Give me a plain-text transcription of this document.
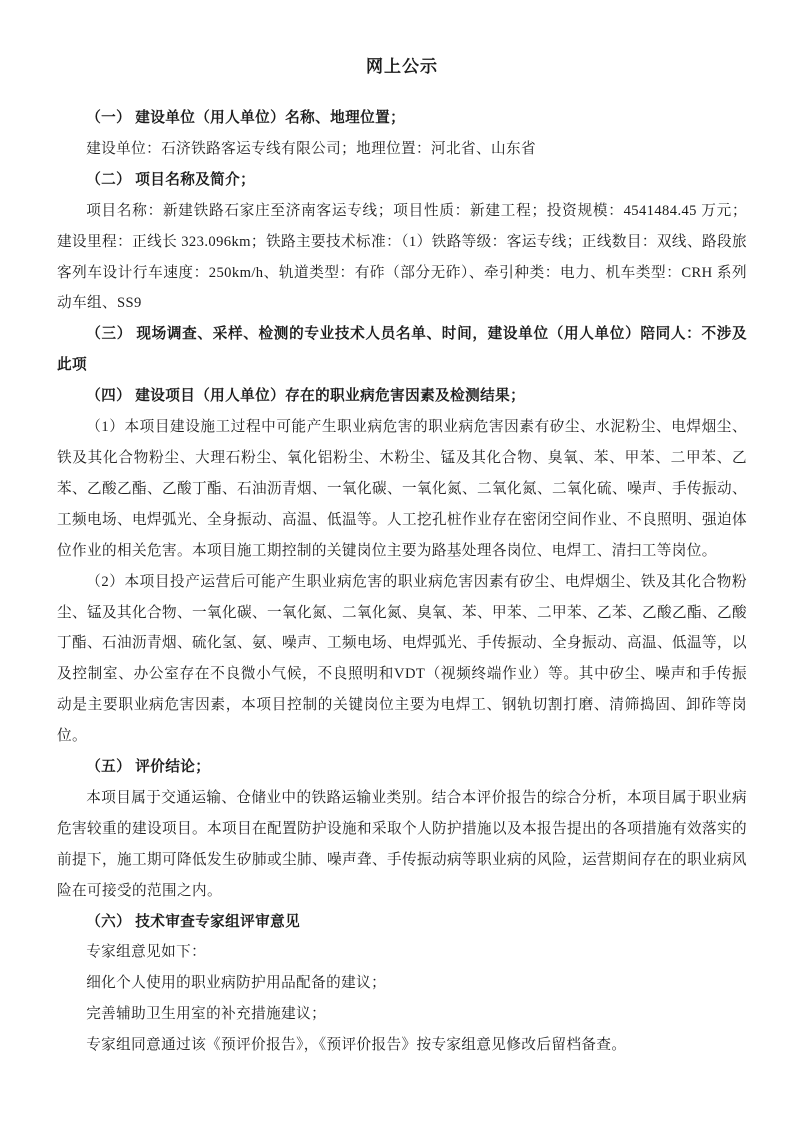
网上公示
（一） 建设单位（用人单位）名称、地理位置；
建设单位：石济铁路客运专线有限公司；地理位置：河北省、山东省
（二） 项目名称及简介；
项目名称：新建铁路石家庄至济南客运专线；项目性质：新建工程；投资规模：4541484.45 万元；建设里程：正线长 323.096km；铁路主要技术标准：（1）铁路等级：客运专线；正线数目：双线、路段旅客列车设计行车速度：250km/h、轨道类型：有砟（部分无砟）、牵引种类：电力、机车类型：CRH 系列动车组、SS9
（三） 现场调查、采样、检测的专业技术人员名单、时间，建设单位（用人单位）陪同人：不涉及此项
（四） 建设项目（用人单位）存在的职业病危害因素及检测结果；
（1）本项目建设施工过程中可能产生职业病危害的职业病危害因素有矽尘、水泥粉尘、电焊烟尘、铁及其化合物粉尘、大理石粉尘、氧化铝粉尘、木粉尘、锰及其化合物、臭氧、苯、甲苯、二甲苯、乙苯、乙酸乙酯、乙酸丁酯、石油沥青烟、一氧化碳、一氧化氮、二氧化氮、二氧化硫、噪声、手传振动、工频电场、电焊弧光、全身振动、高温、低温等。人工挖孔桩作业存在密闭空间作业、不良照明、强迫体位作业的相关危害。本项目施工期控制的关键岗位主要为路基处理各岗位、电焊工、清扫工等岗位。
（2）本项目投产运营后可能产生职业病危害的职业病危害因素有矽尘、电焊烟尘、铁及其化合物粉尘、锰及其化合物、一氧化碳、一氧化氮、二氧化氮、臭氧、苯、甲苯、二甲苯、乙苯、乙酸乙酯、乙酸丁酯、石油沥青烟、硫化氢、氨、噪声、工频电场、电焊弧光、手传振动、全身振动、高温、低温等，以及控制室、办公室存在不良微小气候，不良照明和VDT（视频终端作业）等。其中矽尘、噪声和手传振动是主要职业病危害因素，本项目控制的关键岗位主要为电焊工、钢轨切割打磨、清筛捣固、卸砟等岗位。
（五） 评价结论；
本项目属于交通运输、仓储业中的铁路运输业类别。结合本评价报告的综合分析，本项目属于职业病危害较重的建设项目。本项目在配置防护设施和采取个人防护措施以及本报告提出的各项措施有效落实的前提下，施工期可降低发生矽肺或尘肺、噪声聋、手传振动病等职业病的风险，运营期间存在的职业病风险在可接受的范围之内。
（六） 技术审查专家组评审意见
专家组意见如下：
细化个人使用的职业病防护用品配备的建议；
完善辅助卫生用室的补充措施建议；
专家组同意通过该《预评价报告》，《预评价报告》按专家组意见修改后留档备查。
